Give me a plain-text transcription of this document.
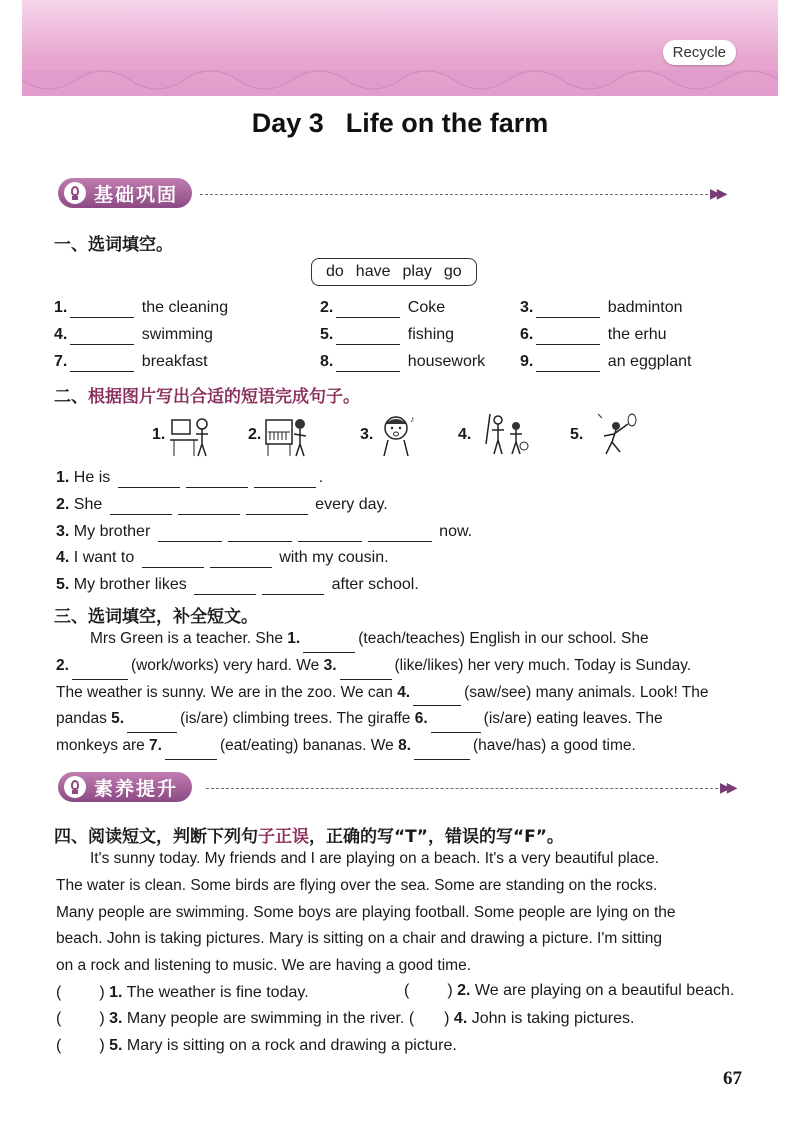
Recycle
Day 3 Life on the farm
基础巩固	▶▶
一、选词填空。
do have play go
1.	the cleaning	2.	Coke	3.	badminton
4.	swimming	5.	fishing	6.	the erhu
7.	breakfast	8.	housework 9.	an eggplant
二、根据图片写出合适的短语完成句子。
1.	2.	3.
♪
4.	5.
1. He is	.
2. She	every day.
3. My brother	now.
4. I want to	with my cousin.
5. My brother likes	after school.
三、选词填空，补全短文。
Mrs Green is a teacher. She 1.	(teach/teaches) English in our school. She
2.	(work/works) very hard. We 3.	(like/likes) her very much. Today is Sunday.
The weather is sunny. We are in the zoo. We can 4.	(saw/see) many animals. Look! The
pandas 5.	(is/are) climbing trees. The giraffe 6.	(is/are) eating leaves. The
monkeys are 7.	(eat/eating) bananas. We 8.	(have/has) a good time.
素养提升	▶▶
四、阅读短文，判断下列句子正误，正确的写“T”，错误的写“F”。
It's sunny today. My friends and I are playing on a beach. It's a very beautiful place.
The water is clean. Some birds are flying over the sea. Some are standing on the rocks.
Many people are swimming. Some boys are playing football. Some people are lying on the
beach. John is taking pictures. Mary is sitting on a chair and drawing a picture. I'm sitting
on a rock and listening to music. We are having a good time.
( ) 1. The weather is fine today.	( ) 2. We are playing on a beautiful beach.
( ) 3. Many people are swimming in the river. ( ) 4. John is taking pictures.
( ) 5. Mary is sitting on a rock and drawing a picture.
67
